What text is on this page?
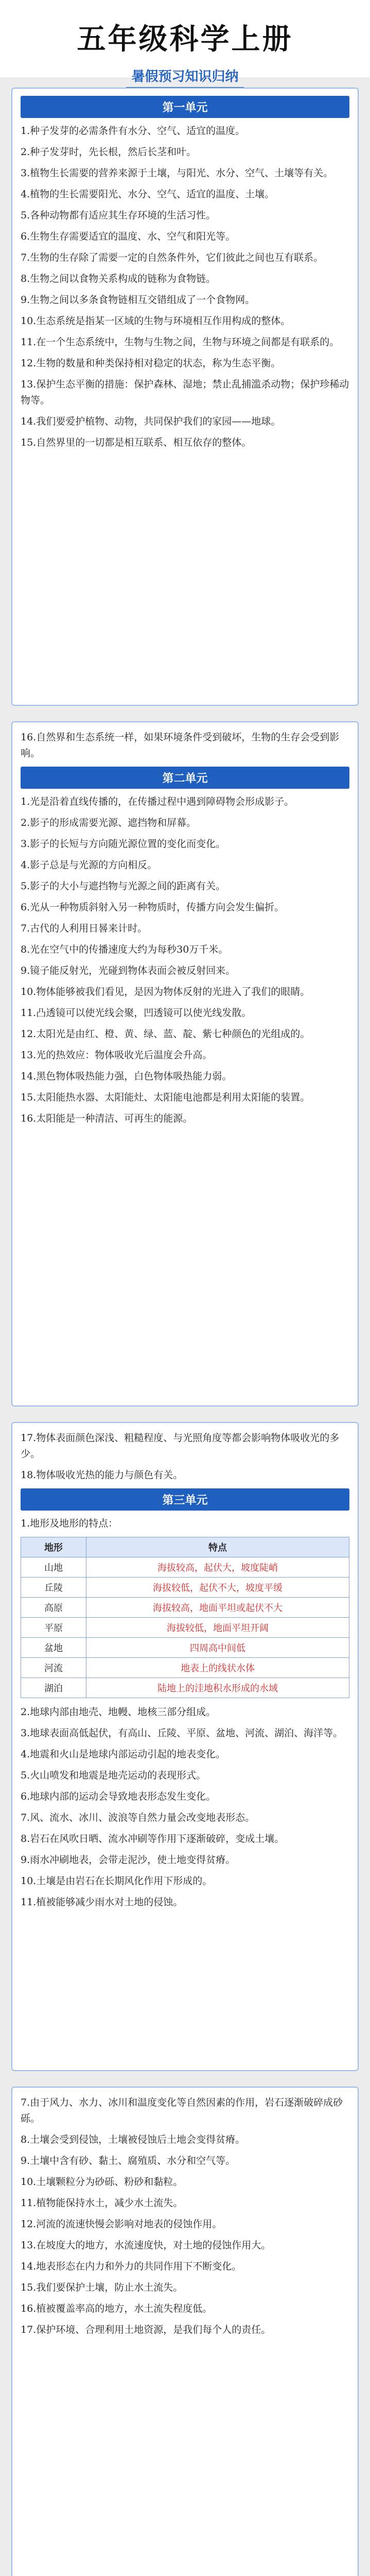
五年级科学上册
暑假预习知识归纳
第一单元
1.种子发芽的必需条件有水分、空气、适宜的温度。
2.种子发芽时，先长根，然后长茎和叶。
3.植物生长需要的营养来源于土壤，与阳光、水分、空气、土壤等有关。
4.植物的生长需要阳光、水分、空气、适宜的温度、土壤。
5.各种动物都有适应其生存环境的生活习性。
6.生物生存需要适宜的温度、水、空气和阳光等。
7.生物的生存除了需要一定的自然条件外，它们彼此之间也互有联系。
8.生物之间以食物关系构成的链称为食物链。
9.生物之间以多条食物链相互交错组成了一个食物网。
10.生态系统是指某一区域的生物与环境相互作用构成的整体。
11.在一个生态系统中，生物与生物之间，生物与环境之间都是有联系的。
12.生物的数量和种类保持相对稳定的状态，称为生态平衡。
13.保护生态平衡的措施：保护森林、湿地；禁止乱捕滥杀动物；保护珍稀动物等。
14.我们要爱护植物、动物，共同保护我们的家园——地球。
15.自然界里的一切都是相互联系、相互依存的整体。
16.自然界和生态系统一样，如果环境条件受到破坏，生物的生存会受到影响。
第二单元
1.光是沿着直线传播的，在传播过程中遇到障碍物会形成影子。
2.影子的形成需要光源、遮挡物和屏幕。
3.影子的长短与方向随光源位置的变化而变化。
4.影子总是与光源的方向相反。
5.影子的大小与遮挡物与光源之间的距离有关。
6.光从一种物质斜射入另一种物质时，传播方向会发生偏折。
7.古代的人利用日晷来计时。
8.光在空气中的传播速度大约为每秒30万千米。
9.镜子能反射光，光碰到物体表面会被反射回来。
10.物体能够被我们看见，是因为物体反射的光进入了我们的眼睛。
11.凸透镜可以使光线会聚，凹透镜可以使光线发散。
12.太阳光是由红、橙、黄、绿、蓝、靛、紫七种颜色的光组成的。
13.光的热效应：物体吸收光后温度会升高。
14.黑色物体吸热能力强，白色物体吸热能力弱。
15.太阳能热水器、太阳能灶、太阳能电池都是利用太阳能的装置。
16.太阳能是一种清洁、可再生的能源。
17.物体表面颜色深浅、粗糙程度、与光照角度等都会影响物体吸收光的多少。
18.物体吸收光热的能力与颜色有关。
第三单元
1.地形及地形的特点：
地形	特点
山地	海拔较高，起伏大，坡度陡峭
丘陵	海拔较低，起伏不大，坡度平缓
高原	海拔较高，地面平坦或起伏不大
平原	海拔较低，地面平坦开阔
盆地	四周高中间低
河流	地表上的线状水体
湖泊	陆地上的洼地积水形成的水域
2.地球内部由地壳、地幔、地核三部分组成。
3.地球表面高低起伏，有高山、丘陵、平原、盆地、河流、湖泊、海洋等。
4.地震和火山是地球内部运动引起的地表变化。
5.火山喷发和地震是地壳运动的表现形式。
6.地球内部的运动会导致地表形态发生变化。
7.风、流水、冰川、波浪等自然力量会改变地表形态。
8.岩石在风吹日晒、流水冲刷等作用下逐渐破碎，变成土壤。
9.雨水冲刷地表，会带走泥沙，使土地变得贫瘠。
10.土壤是由岩石在长期风化作用下形成的。
11.植被能够减少雨水对土地的侵蚀。
7.由于风力、水力、冰川和温度变化等自然因素的作用，岩石逐渐破碎成砂砾。
8.土壤会受到侵蚀，土壤被侵蚀后土地会变得贫瘠。
9.土壤中含有砂、黏土、腐殖质、水分和空气等。
10.土壤颗粒分为砂砾、粉砂和黏粒。
11.植物能保持水土，减少水土流失。
12.河流的流速快慢会影响对地表的侵蚀作用。
13.在坡度大的地方，水流速度快，对土地的侵蚀作用大。
14.地表形态在内力和外力的共同作用下不断变化。
15.我们要保护土壤，防止水土流失。
16.植被覆盖率高的地方，水土流失程度低。
17.保护环境、合理利用土地资源，是我们每个人的责任。
